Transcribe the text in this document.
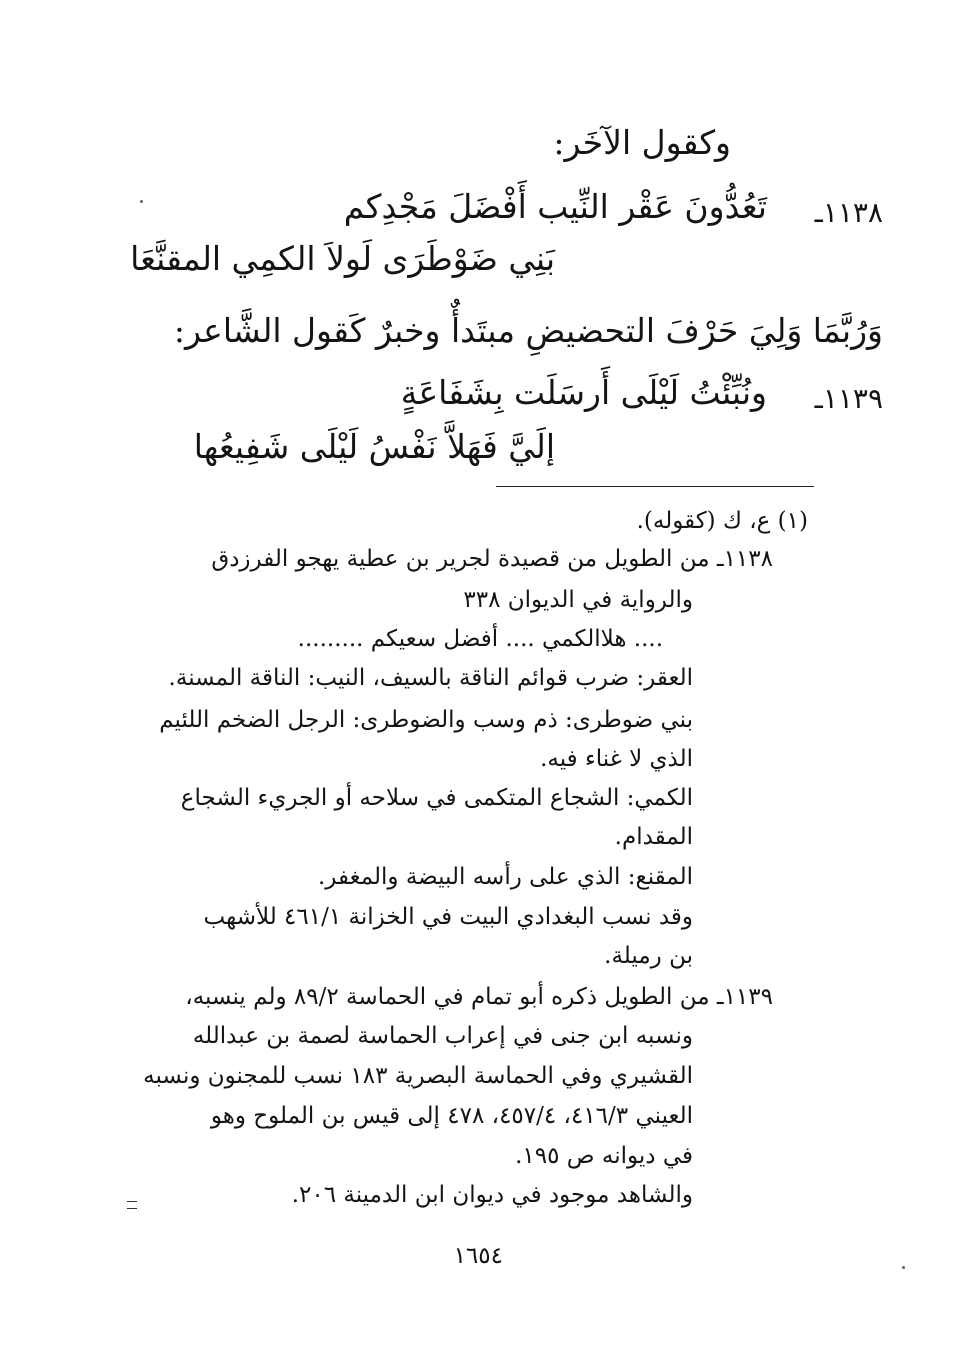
وكقول الآخَر:
١١٣٨ـ
تَعُدُّونَ عَقْر النِّيب أَفْضَلَ مَجْدِكم
بَنِي ضَوْطَرَى لَولاَ الكمِي المقنَّعَا
وَرُبَّمَا وَلِيَ حَرْفَ التحضيضِ مبتَدأٌ وخبرٌ كَقول الشَّاعر:
١١٣٩ـ
ونُبِّئْتُ لَيْلَى أَرسَلَت بِشَفَاعَةٍ
إلَيَّ فَهَلاَّ نَفْسُ لَيْلَى شَفِيعُها
(١) ع، ك (كقوله).
١١٣٨ـ من الطويل من قصيدة لجرير بن عطية يهجو الفرزدق
والرواية في الديوان ٣٣٨
.... هلاالكمي .... أفضل سعيكم .........
العقر: ضرب قوائم الناقة بالسيف، النيب: الناقة المسنة.
بني ضوطرى: ذم وسب والضوطرى: الرجل الضخم اللئيم
الذي لا غناء فيه.
الكمي: الشجاع المتكمى في سلاحه أو الجريء الشجاع
المقدام.
المقنع: الذي على رأسه البيضة والمغفر.
وقد نسب البغدادي البيت في الخزانة ٤٦١/١ للأشهب
بن رميلة.
١١٣٩ـ من الطويل ذكره أبو تمام في الحماسة ٨٩/٢ ولم ينسبه،
ونسبه ابن جنى في إعراب الحماسة لصمة بن عبدالله
القشيري وفي الحماسة البصرية ١٨٣ نسب للمجنون ونسبه
العيني ٤١٦/٣، ٤٥٧/٤، ٤٧٨ إلى قيس بن الملوح وهو
في ديوانه ص ١٩٥.
والشاهد موجود في ديوان ابن الدمينة ٢٠٦.
١٦٥٤
